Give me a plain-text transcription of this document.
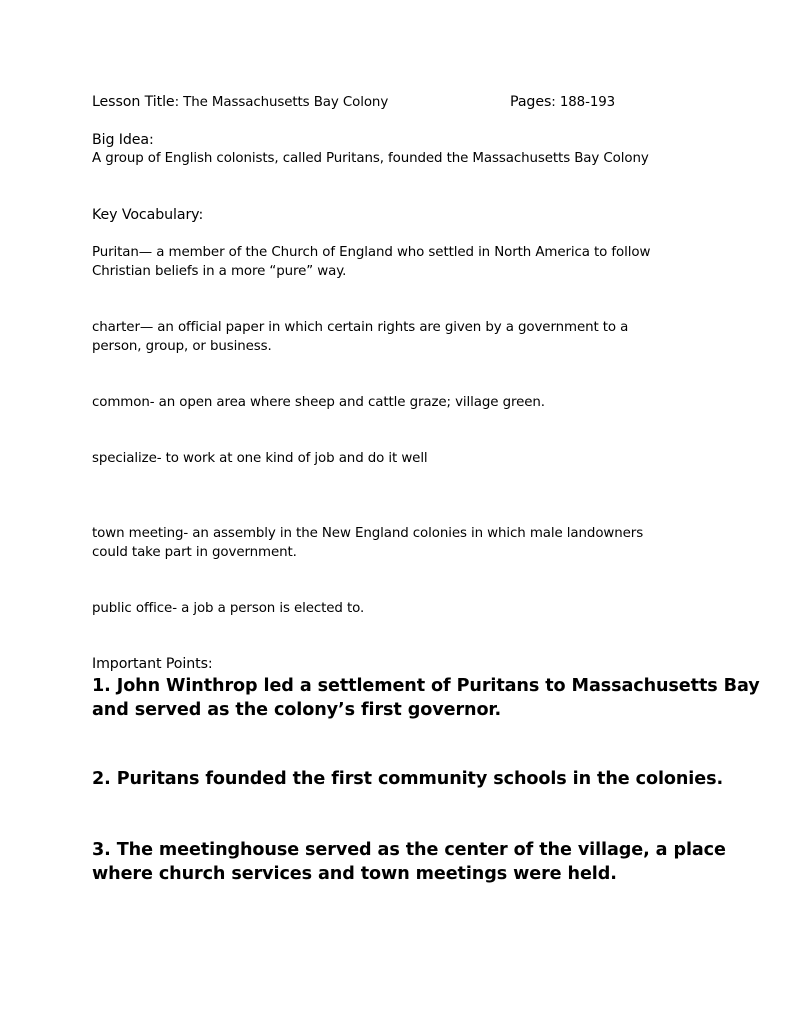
Lesson Title: The Massachusetts Bay Colony	Pages: 188-193
Big Idea:
A group of English colonists, called Puritans, founded the Massachusetts Bay Colony
Key Vocabulary:
Puritan— a member of the Church of England who settled in North America to follow
Christian beliefs in a more “pure” way.
charter— an official paper in which certain rights are given by a government to a
person, group, or business.
common- an open area where sheep and cattle graze; village green.
specialize- to work at one kind of job and do it well
town meeting- an assembly in the New England colonies in which male landowners
could take part in government.
public office- a job a person is elected to.
Important Points:
1. John Winthrop led a settlement of Puritans to Massachusetts Bay
and served as the colony’s first governor.
2. Puritans founded the first community schools in the colonies.
3. The meetinghouse served as the center of the village, a place
where church services and town meetings were held.
